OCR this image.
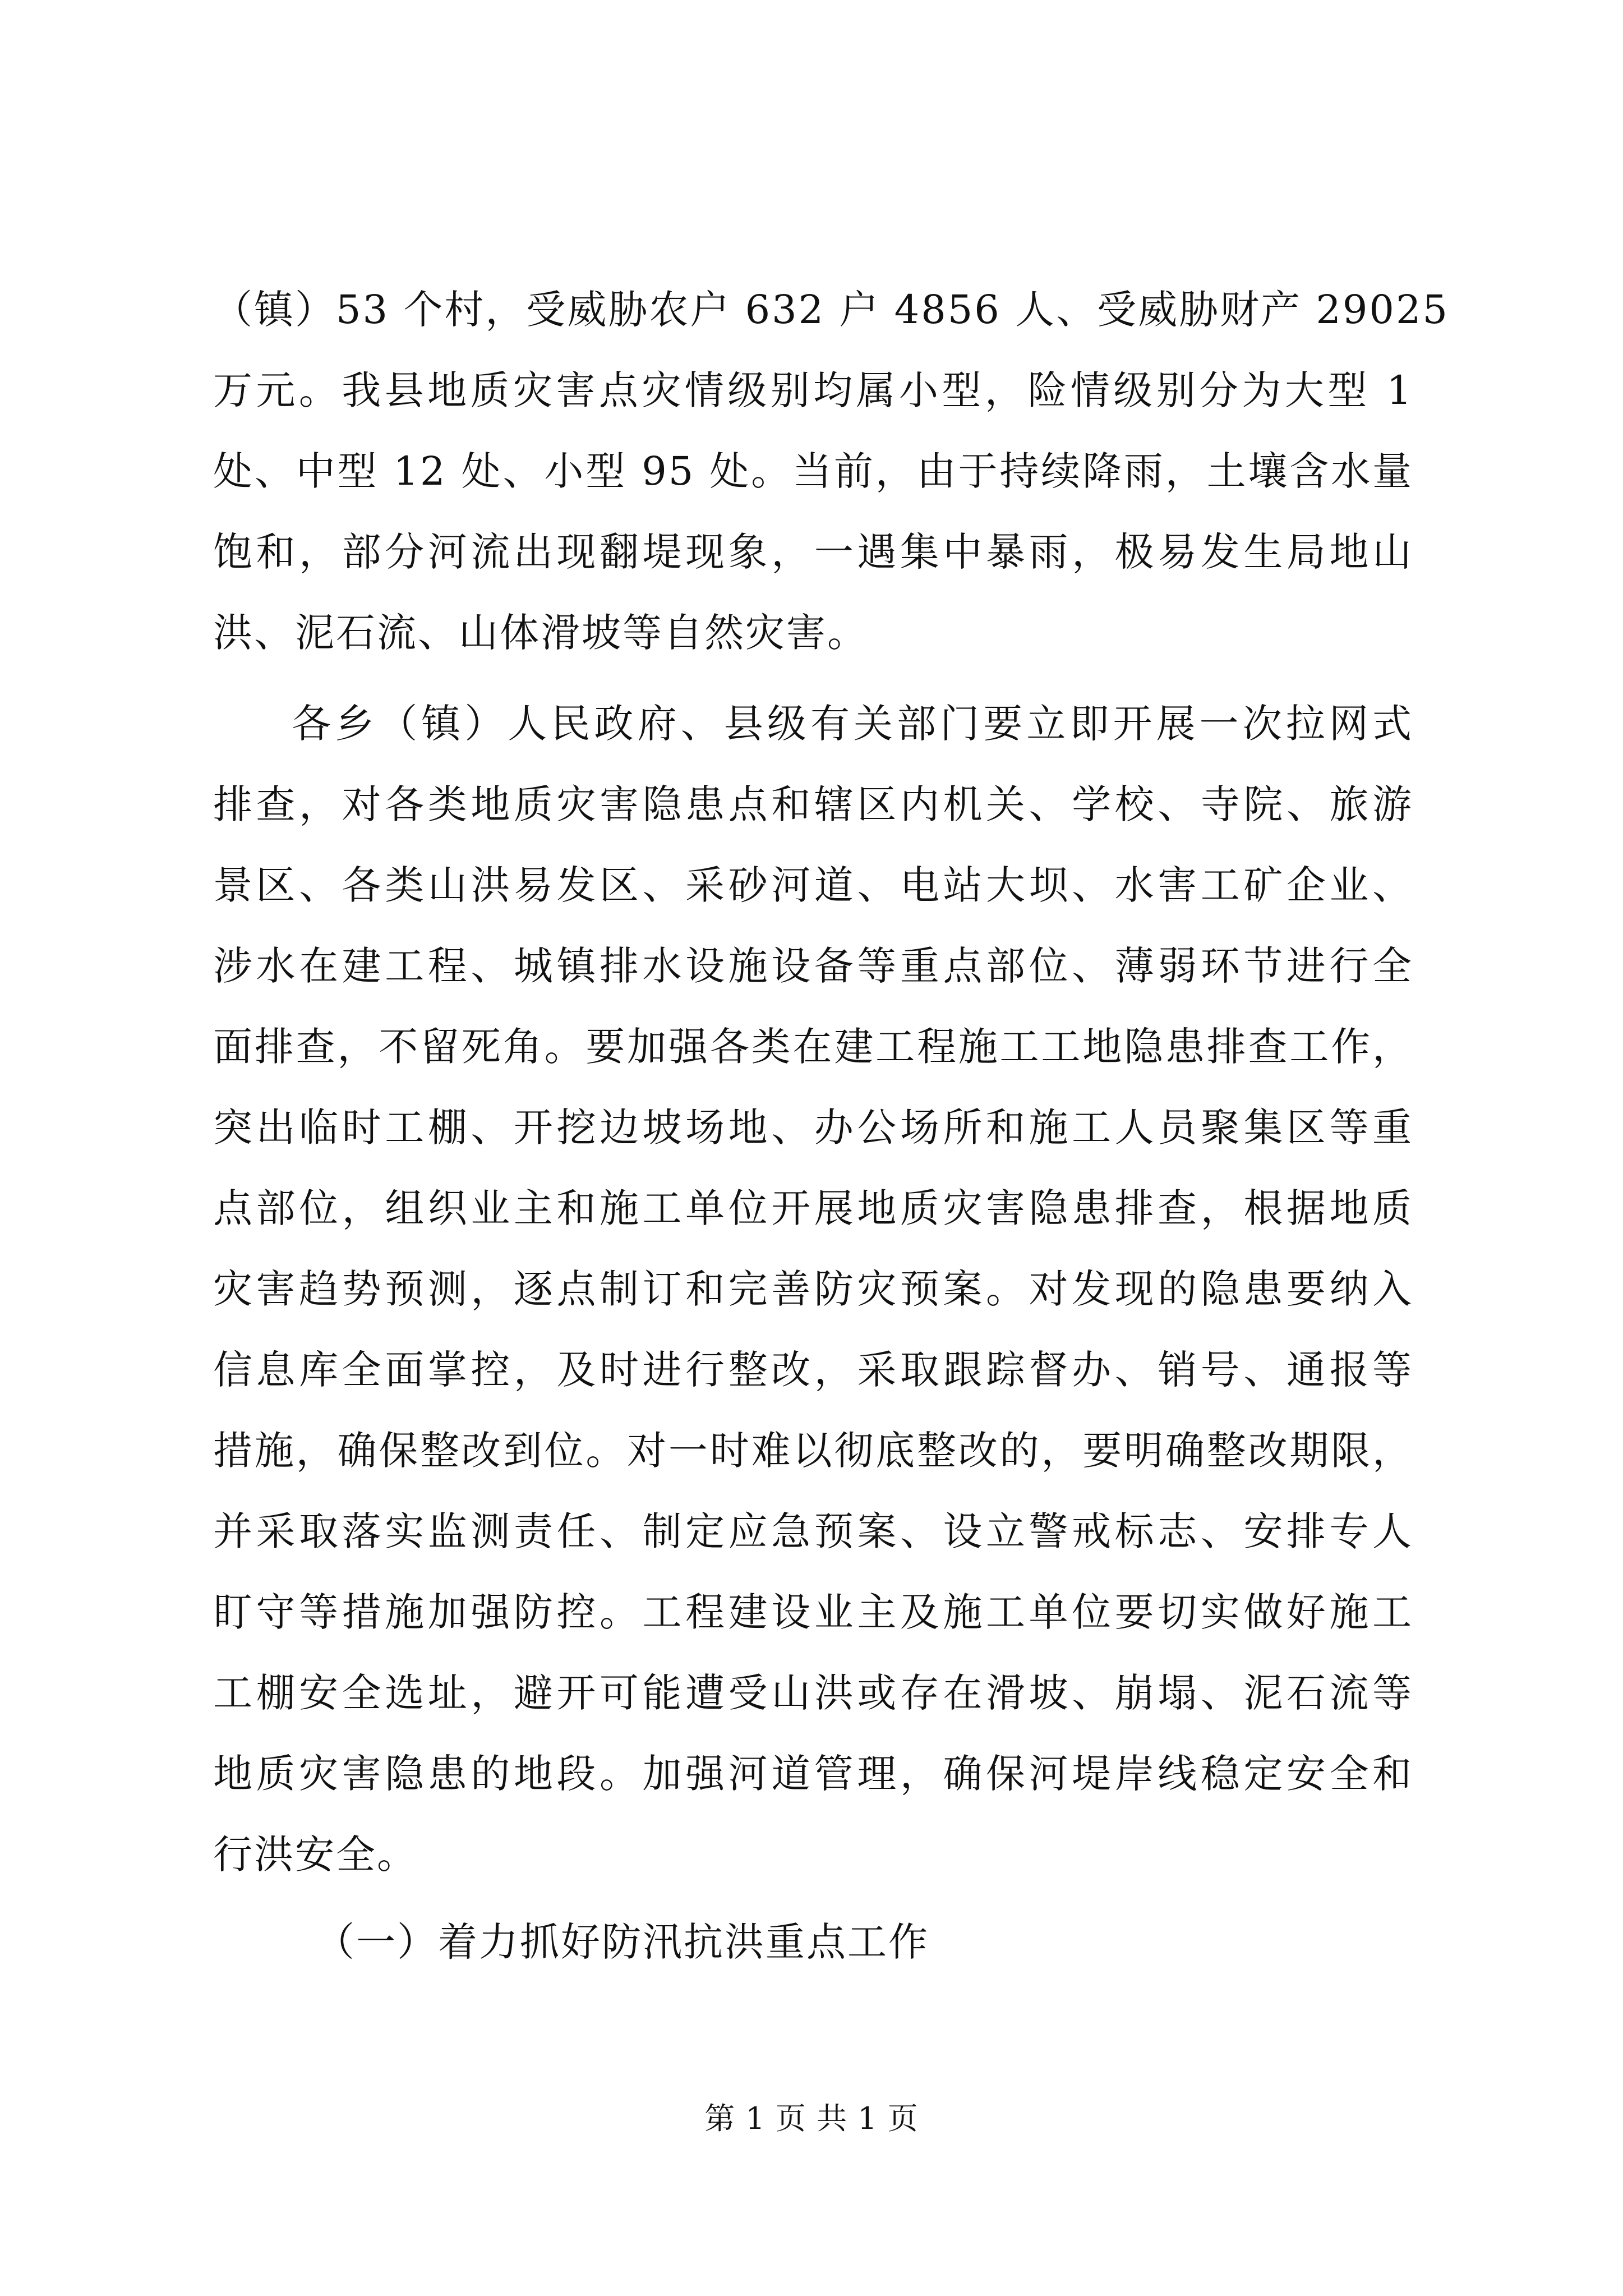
（镇）53 个村，受威胁农户 632 户 4856 人、受威胁财产 29025
万元。我县地质灾害点灾情级别均属小型，险情级别分为大型 1
处、中型 12 处、小型 95 处。当前，由于持续降雨，土壤含水量
饱和，部分河流出现翻堤现象，一遇集中暴雨，极易发生局地山
洪、泥石流、山体滑坡等自然灾害。
各乡（镇）人民政府、县级有关部门要立即开展一次拉网式
排查，对各类地质灾害隐患点和辖区内机关、学校、寺院、旅游
景区、各类山洪易发区、采砂河道、电站大坝、水害工矿企业、
涉水在建工程、城镇排水设施设备等重点部位、薄弱环节进行全
面排查，不留死角。要加强各类在建工程施工工地隐患排查工作，
突出临时工棚、开挖边坡场地、办公场所和施工人员聚集区等重
点部位，组织业主和施工单位开展地质灾害隐患排查，根据地质
灾害趋势预测，逐点制订和完善防灾预案。对发现的隐患要纳入
信息库全面掌控，及时进行整改，采取跟踪督办、销号、通报等
措施，确保整改到位。对一时难以彻底整改的，要明确整改期限，
并采取落实监测责任、制定应急预案、设立警戒标志、安排专人
盯守等措施加强防控。工程建设业主及施工单位要切实做好施工
工棚安全选址，避开可能遭受山洪或存在滑坡、崩塌、泥石流等
地质灾害隐患的地段。加强河道管理，确保河堤岸线稳定安全和
行洪安全。
（一）着力抓好防汛抗洪重点工作
第 1 页 共 1 页
